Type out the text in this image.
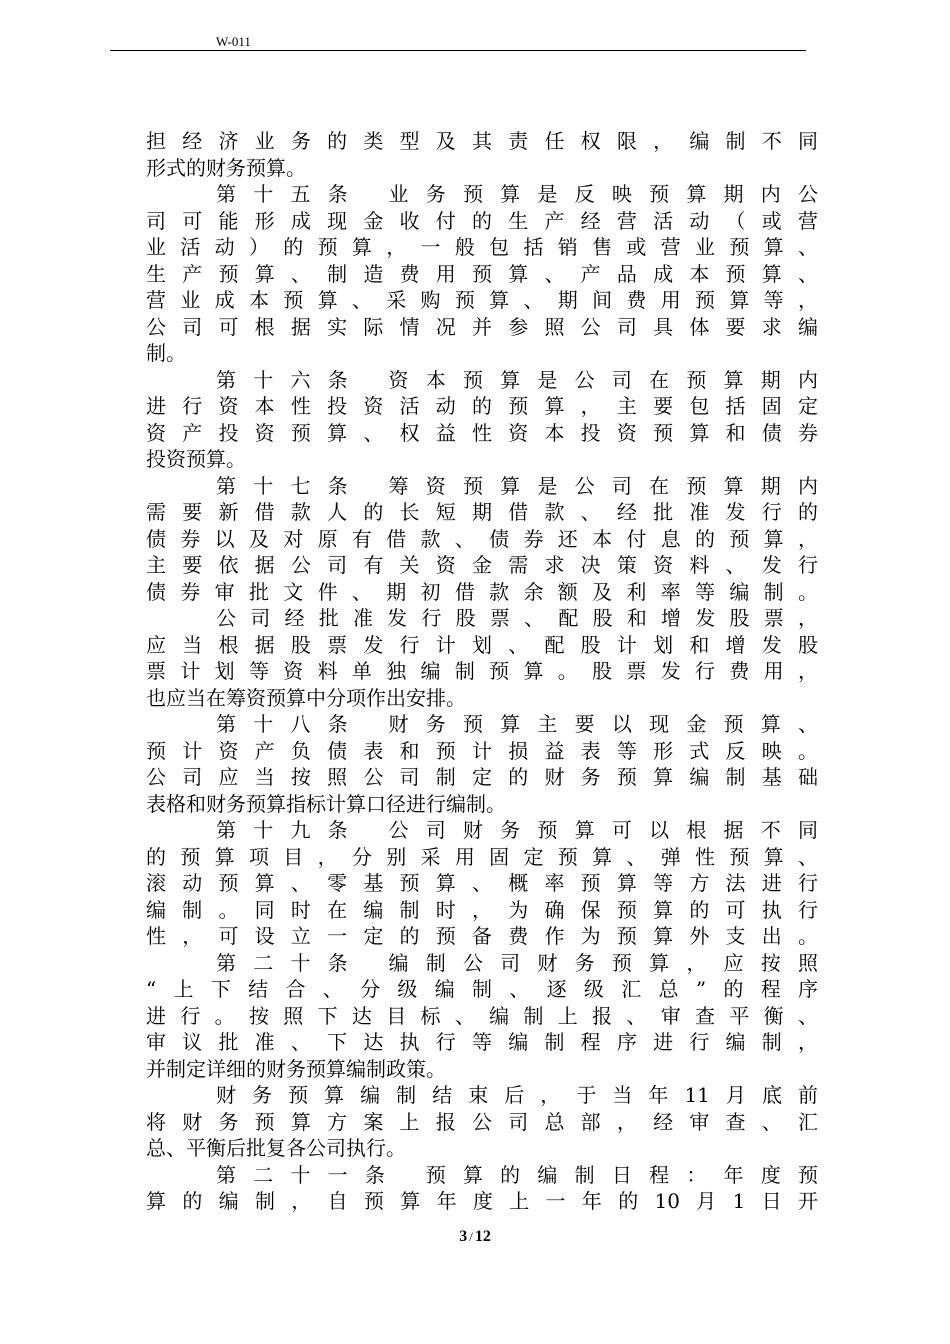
W-011
担经济业务的类型及其责任权限，编制不同
形式的财务预算。
第十五条 业务预算是反映预算期内公
司可能形成现金收付的生产经营活动（或营
业活动）的预算，一般包括销售或营业预算、
生产预算、制造费用预算、产品成本预算、
营业成本预算、采购预算、期间费用预算等，
公司可根据实际情况并参照公司具体要求编
制。
第十六条 资本预算是公司在预算期内
进行资本性投资活动的预算，主要包括固定
资产投资预算、权益性资本投资预算和债券
投资预算。
第十七条 筹资预算是公司在预算期内
需要新借款人的长短期借款、经批准发行的
债券以及对原有借款、债券还本付息的预算，
主要依据公司有关资金需求决策资料、发行
债券审批文件、期初借款余额及利率等编制。
公司经批准发行股票、配股和增发股票，
应当根据股票发行计划、配股计划和增发股
票计划等资料单独编制预算。股票发行费用，
也应当在筹资预算中分项作出安排。
第十八条 财务预算主要以现金预算、
预计资产负债表和预计损益表等形式反映。
公司应当按照公司制定的财务预算编制基础
表格和财务预算指标计算口径进行编制。
第十九条 公司财务预算可以根据不同
的预算项目，分别采用固定预算、弹性预算、
滚动预算、零基预算、概率预算等方法进行
编制。同时在编制时，为确保预算的可执行
性，可设立一定的预备费作为预算外支出。
第二十条 编制公司财务预算，应按照
“上下结合、分级编制、逐级汇总”的程序
进行。按照下达目标、编制上报、审查平衡、
审议批准、下达执行等编制程序进行编制，
并制定详细的财务预算编制政策。
财务预算编制结束后，于当年11月底前
将财务预算方案上报公司总部，经审查、汇
总、平衡后批复各公司执行。
第二十一条 预算的编制日程：年度预
算的编制，自预算年度上一年的10月1日开
3 / 12
